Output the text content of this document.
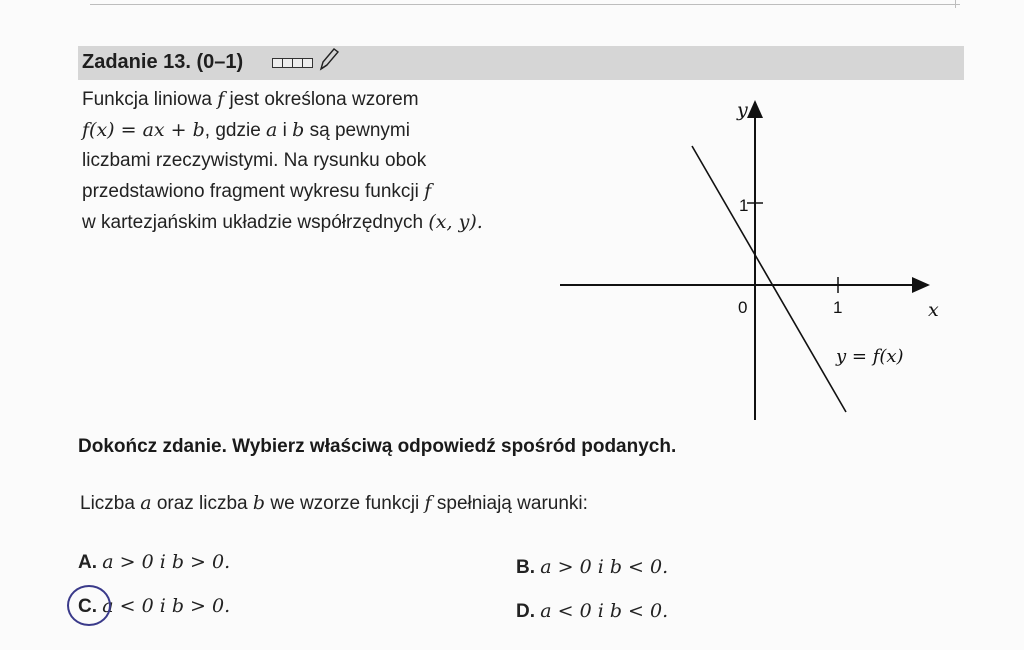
Zadanie 13. (0–1)
Funkcja liniowa f jest określona wzorem
f(x) = ax + b, gdzie a i b są pewnymi
liczbami rzeczywistymi. Na rysunku obok
przedstawiono fragment wykresu funkcji f
w kartezjańskim układzie współrzędnych (x, y).
y
x
0	1
1
y = f(x)
Dokończ zdanie. Wybierz właściwą odpowiedź spośród podanych.
Liczba a oraz liczba b we wzorze funkcji f spełniają warunki:
A. a > 0 i b > 0.	B. a > 0 i b < 0.
C. a < 0 i b > 0.	D. a < 0 i b < 0.
